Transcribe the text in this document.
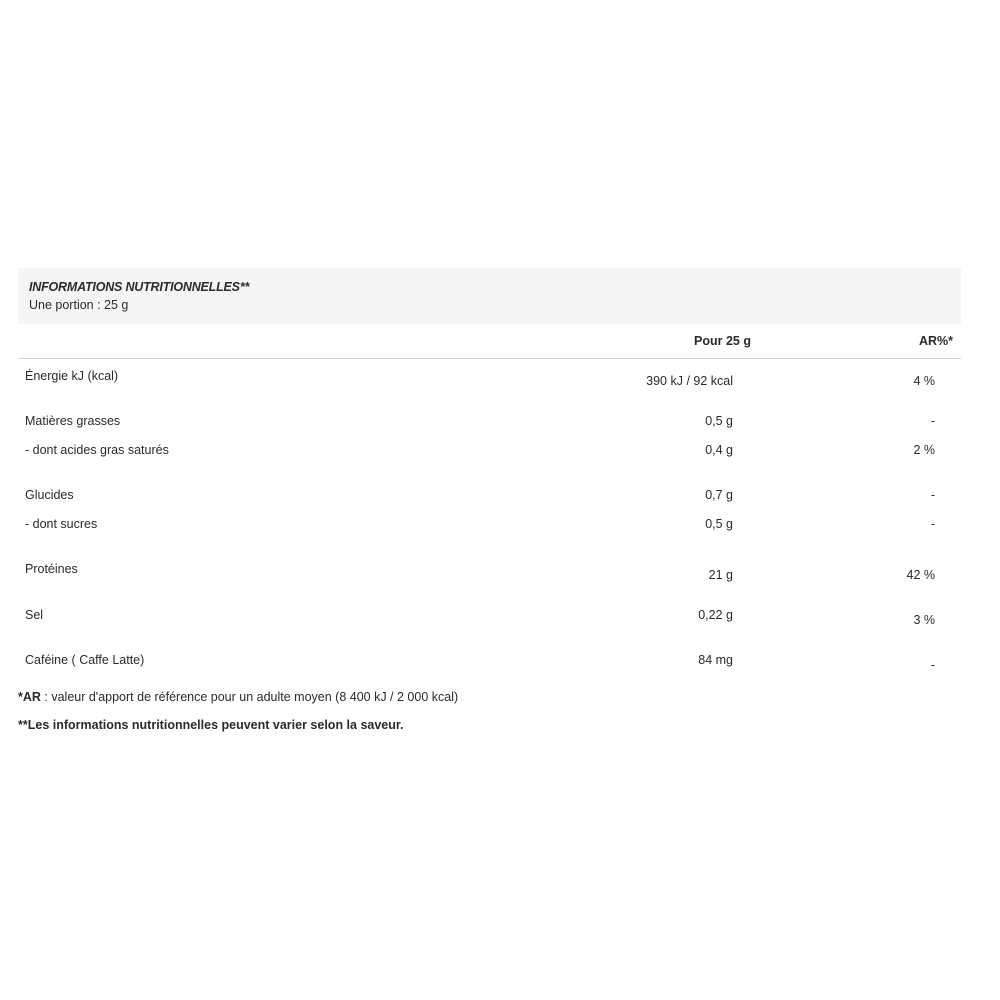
INFORMATIONS NUTRITIONNELLES**
Une portion : 25 g
Pour 25 g	AR%*
Énergie kJ (kcal)	390 kJ / 92 kcal	4 %
Matières grasses	0,5 g	-
- dont acides gras saturés	0,4 g	2 %
Glucides	0,7 g	-
- dont sucres	0,5 g	-
Protéines	21 g	42 %
Sel	0,22 g	3 %
Caféine ( Caffe Latte)	84 mg	-
*AR : valeur d'apport de référence pour un adulte moyen (8 400 kJ / 2 000 kcal)
**Les informations nutritionnelles peuvent varier selon la saveur.
